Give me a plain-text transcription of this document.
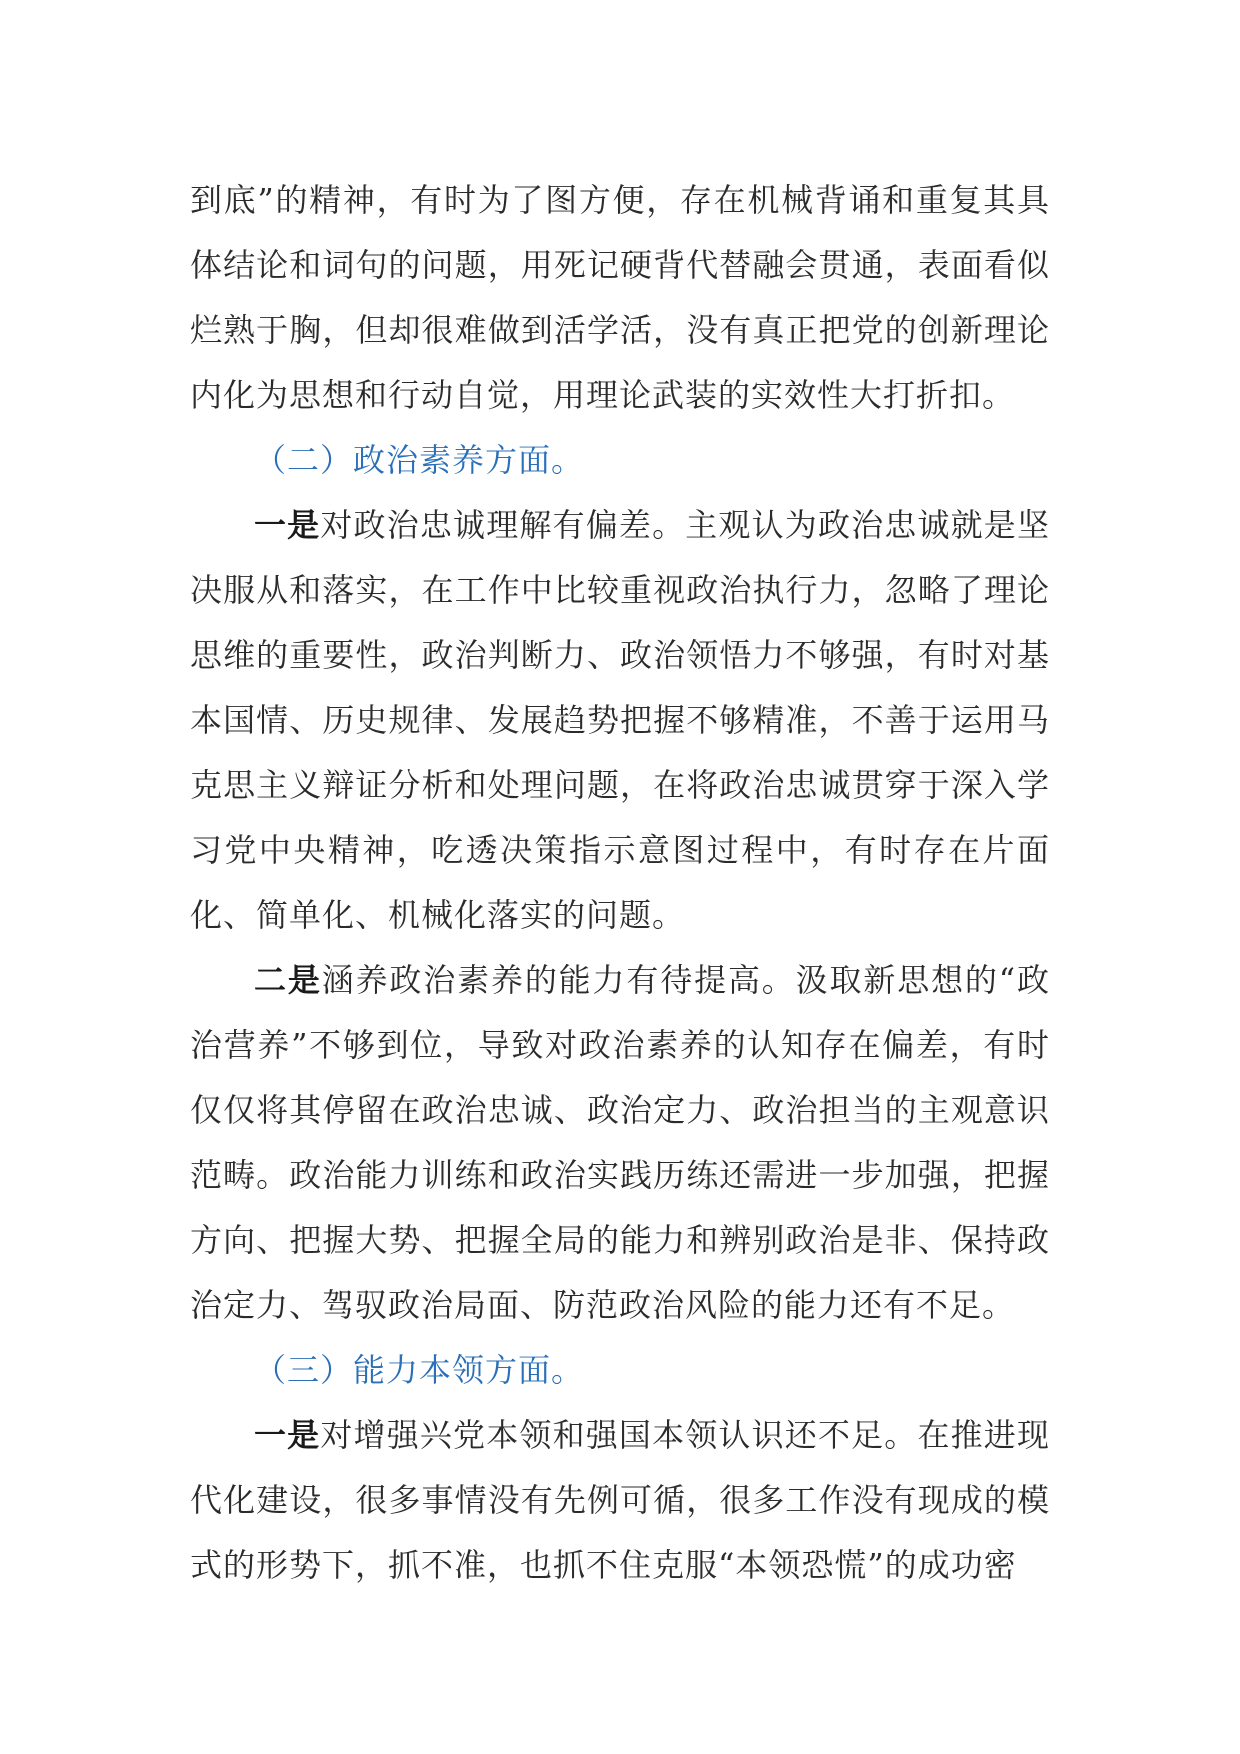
到底”的精神，有时为了图方便，存在机械背诵和重复其具体结论和词句的问题，用死记硬背代替融会贯通，表面看似烂熟于胸，但却很难做到活学活，没有真正把党的创新理论内化为思想和行动自觉，用理论武装的实效性大打折扣。

（二）政治素养方面。

一是对政治忠诚理解有偏差。主观认为政治忠诚就是坚决服从和落实，在工作中比较重视政治执行力，忽略了理论思维的重要性，政治判断力、政治领悟力不够强，有时对基本国情、历史规律、发展趋势把握不够精准，不善于运用马克思主义辩证分析和处理问题，在将政治忠诚贯穿于深入学习党中央精神，吃透决策指示意图过程中，有时存在片面化、简单化、机械化落实的问题。

二是涵养政治素养的能力有待提高。汲取新思想的“政治营养”不够到位，导致对政治素养的认知存在偏差，有时仅仅将其停留在政治忠诚、政治定力、政治担当的主观意识范畴。政治能力训练和政治实践历练还需进一步加强，把握方向、把握大势、把握全局的能力和辨别政治是非、保持政治定力、驾驭政治局面、防范政治风险的能力还有不足。

（三）能力本领方面。

一是对增强兴党本领和强国本领认识还不足。在推进现代化建设，很多事情没有先例可循，很多工作没有现成的模式的形势下，抓不准，也抓不住克服“本领恐慌”的成功密
